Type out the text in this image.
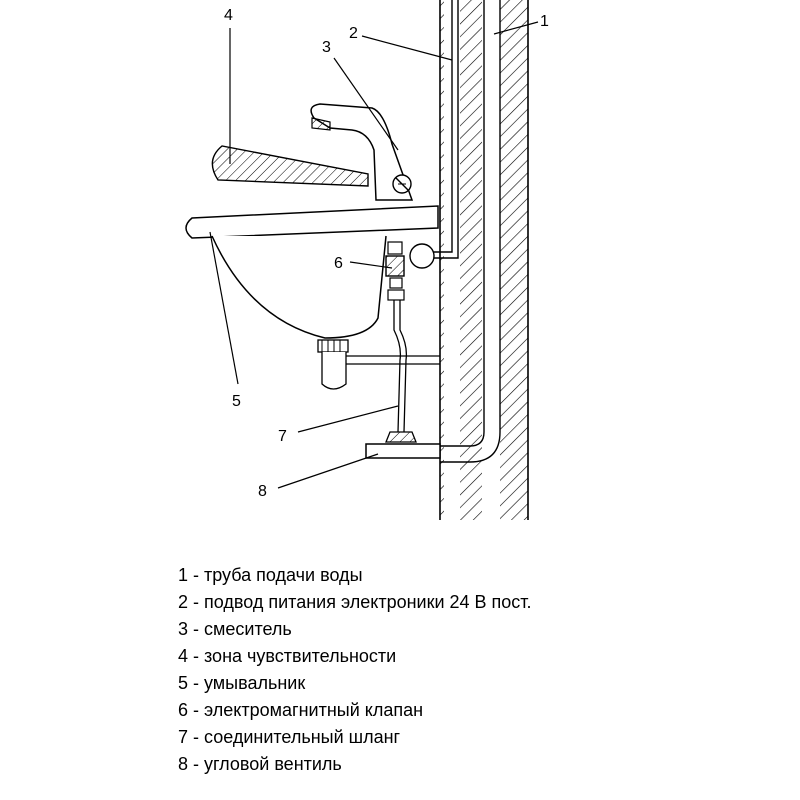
4
2
3
1
6
5
7
8
1 - труба подачи воды
2 - подвод питания электроники 24 В пост.
3 - смеситель
4 - зона чувствительности
5 - умывальник
6 - электромагнитный клапан
7 - соединительный шланг
8 - угловой вентиль
